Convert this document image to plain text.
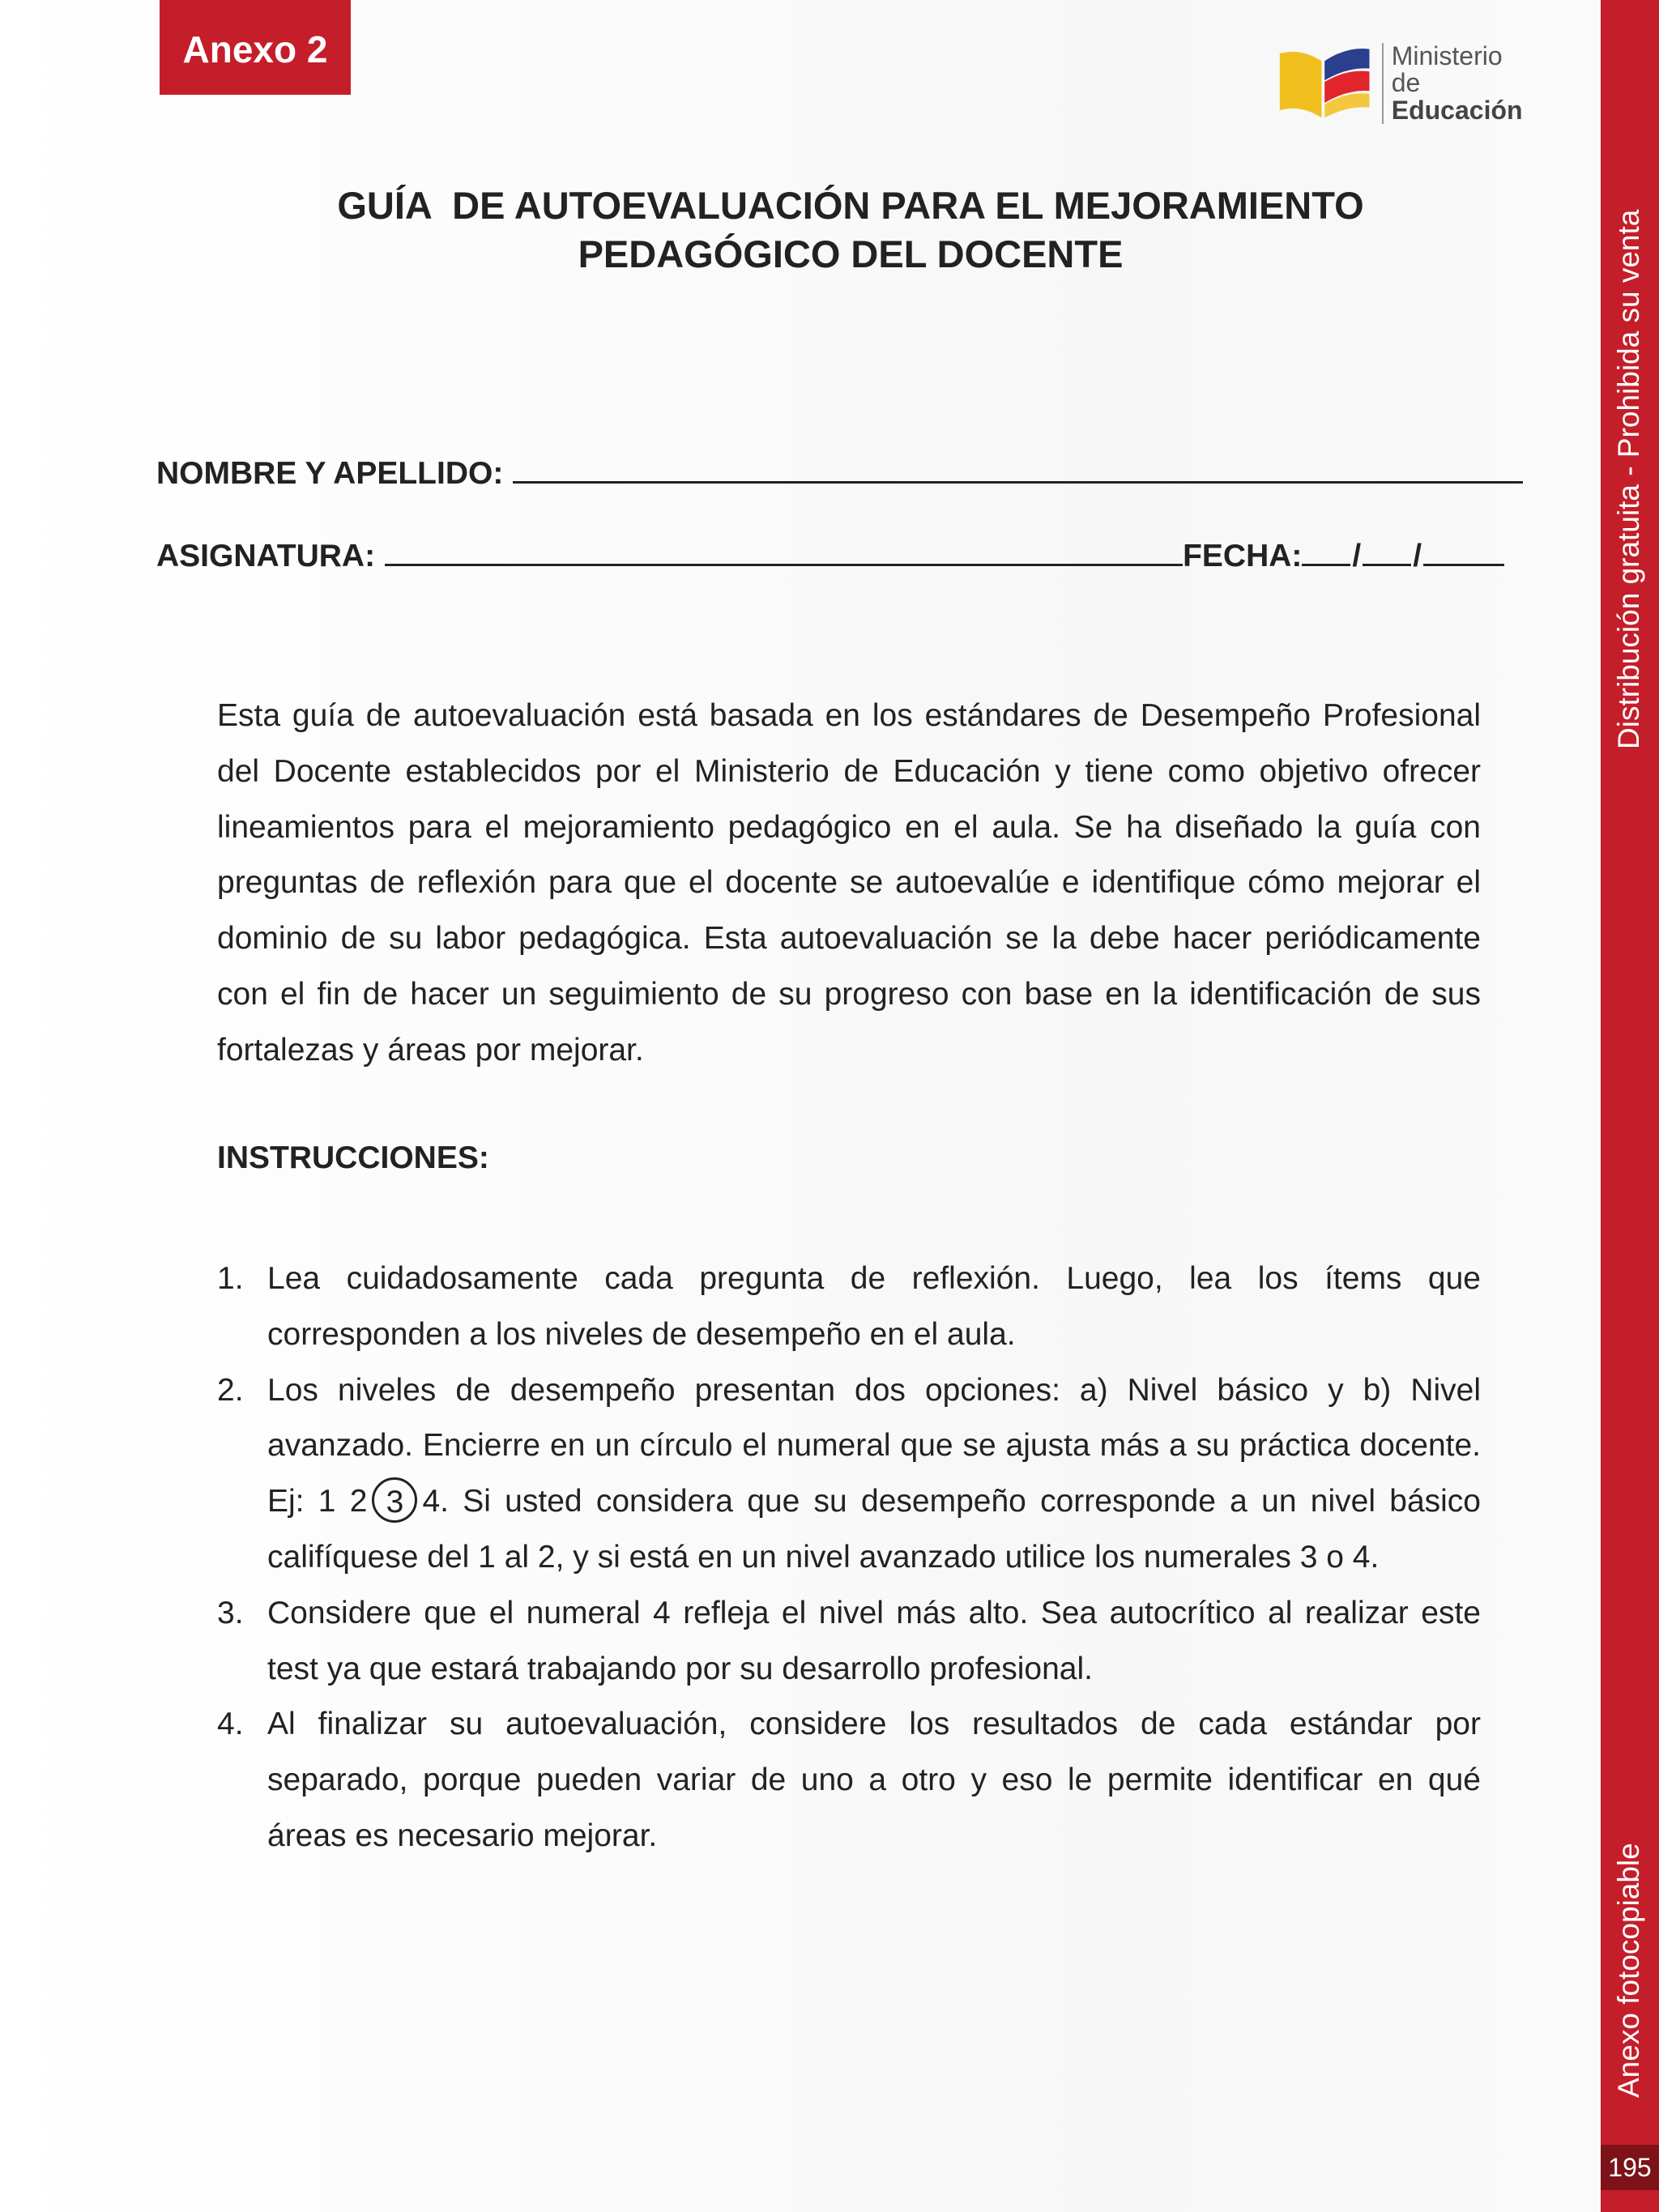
Anexo 2	Ministerio
de Educación
Distribución gratuita - Prohibida su venta
Anexo fotocopiable
195
GUÍA  DE AUTOEVALUACIÓN PARA EL MEJORAMIENTO
PEDAGÓGICO DEL DOCENTE
NOMBRE Y APELLIDO:
ASIGNATURA:	FECHA: / /
Esta guía de autoevaluación está basada en los estándares de Desempeño Profesional del Docente establecidos por el Ministerio de Educación y tiene como objetivo ofrecer lineamientos para el mejoramiento pedagógico en el aula. Se ha diseñado la guía con preguntas de reflexión para que el docente se autoevalúe e identifique cómo mejorar el dominio de su labor pedagógica. Esta autoevaluación se la debe hacer periódicamente con el fin de hacer un seguimiento de su progreso con base en la identificación de sus fortalezas y áreas por mejorar.
INSTRUCCIONES:
1. Lea cuidadosamente cada pregunta de reflexión. Luego, lea los ítems que corresponden a los niveles de desempeño en el aula.
2. Los niveles de desempeño presentan dos opciones: a) Nivel básico y b) Nivel avanzado. Encierre en un círculo el numeral que se ajusta más a su práctica docente. Ej: 1 2 3 4. Si usted considera que su desempeño corresponde a un nivel básico califíquese del 1 al 2, y si está en un nivel avanzado utilice los numerales 3 o 4.
3. Considere que el numeral 4 refleja el nivel más alto. Sea autocrítico al realizar este test ya que estará trabajando por su desarrollo profesional.
4. Al finalizar su autoevaluación, considere los resultados de cada estándar por separado, porque pueden variar de uno a otro y eso le permite identificar en qué áreas es necesario mejorar.
